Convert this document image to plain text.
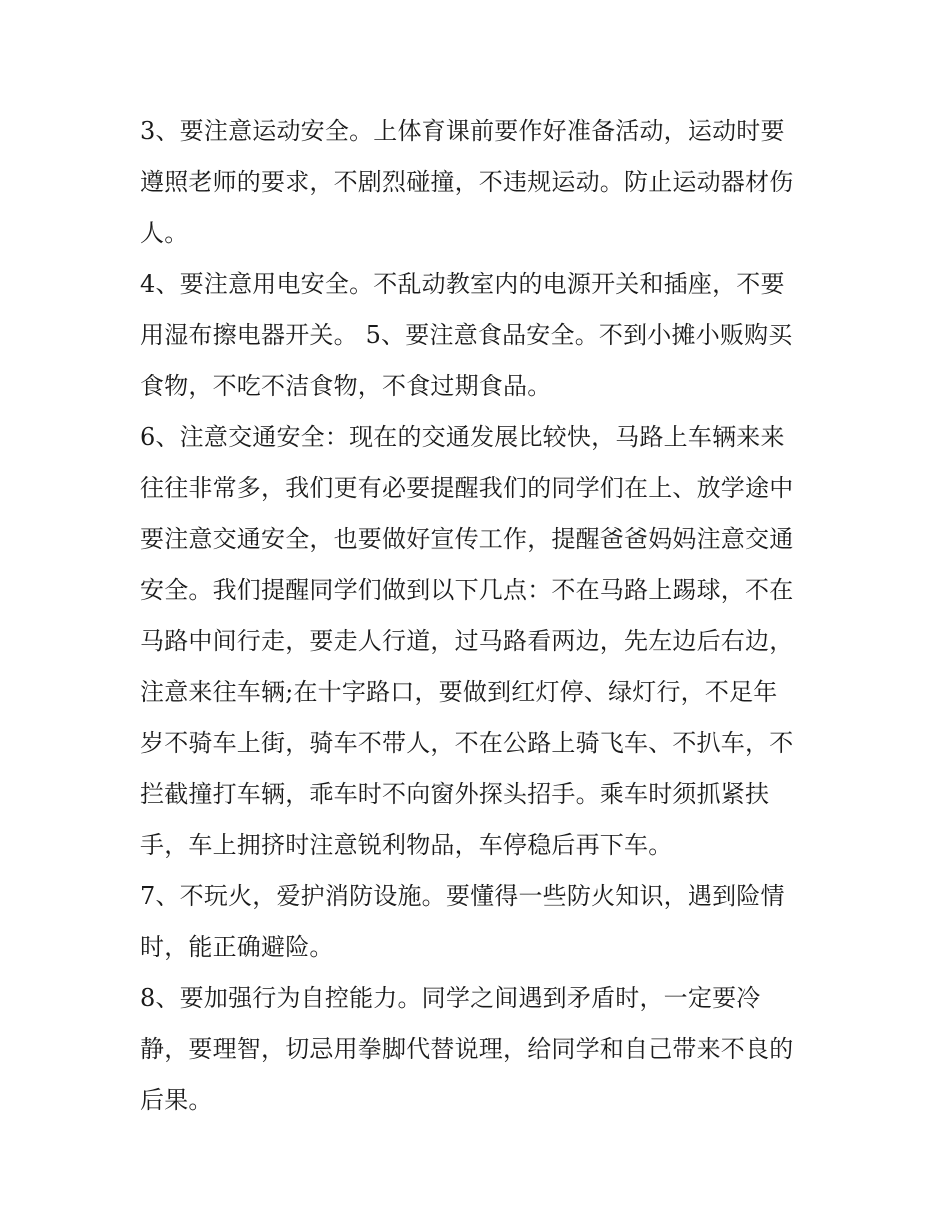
3、要注意运动安全。上体育课前要作好准备活动，运动时要
遵照老师的要求，不剧烈碰撞，不违规运动。防止运动器材伤
人。
4、要注意用电安全。不乱动教室内的电源开关和插座，不要
用湿布擦电器开关。 5、要注意食品安全。不到小摊小贩购买
食物，不吃不洁食物，不食过期食品。
6、注意交通安全：现在的交通发展比较快，马路上车辆来来
往往非常多，我们更有必要提醒我们的同学们在上、放学途中
要注意交通安全，也要做好宣传工作，提醒爸爸妈妈注意交通
安全。我们提醒同学们做到以下几点：不在马路上踢球，不在
马路中间行走，要走人行道，过马路看两边，先左边后右边，
注意来往车辆;在十字路口，要做到红灯停、绿灯行，不足年
岁不骑车上街，骑车不带人，不在公路上骑飞车、不扒车，不
拦截撞打车辆，乖车时不向窗外探头招手。乘车时须抓紧扶
手，车上拥挤时注意锐利物品，车停稳后再下车。
7、不玩火，爱护消防设施。要懂得一些防火知识，遇到险情
时，能正确避险。
8、要加强行为自控能力。同学之间遇到矛盾时，一定要冷
静，要理智，切忌用拳脚代替说理，给同学和自己带来不良的
后果。
